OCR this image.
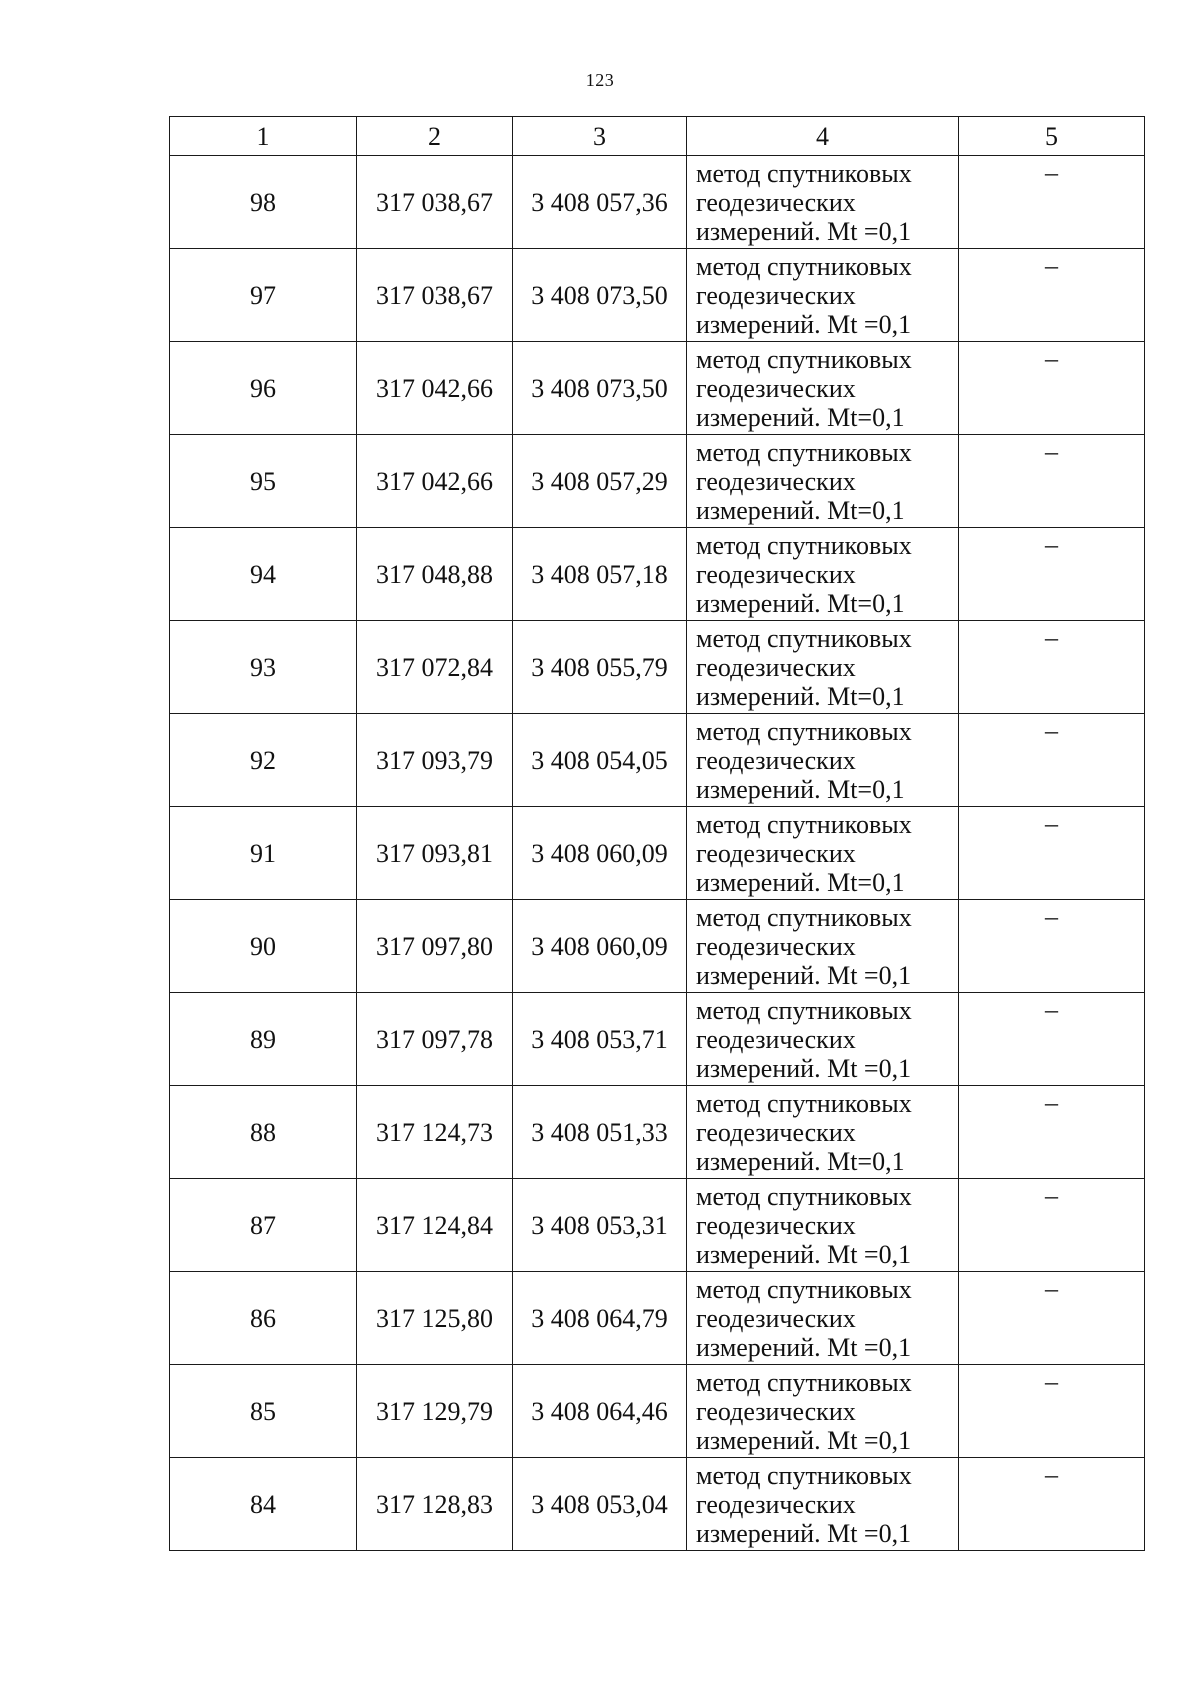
123
1	2	3	4	5
98	317 038,67	3 408 057,36	метод спутниковых
геодезических
измерений. Mt =0,1	–
97	317 038,67	3 408 073,50	метод спутниковых
геодезических
измерений. Mt =0,1	–
96	317 042,66	3 408 073,50	метод спутниковых
геодезических
измерений. Mt=0,1	–
95	317 042,66	3 408 057,29	метод спутниковых
геодезических
измерений. Mt=0,1	–
94	317 048,88	3 408 057,18	метод спутниковых
геодезических
измерений. Mt=0,1	–
93	317 072,84	3 408 055,79	метод спутниковых
геодезических
измерений. Mt=0,1	–
92	317 093,79	3 408 054,05	метод спутниковых
геодезических
измерений. Mt=0,1	–
91	317 093,81	3 408 060,09	метод спутниковых
геодезических
измерений. Mt=0,1	–
90	317 097,80	3 408 060,09	метод спутниковых
геодезических
измерений. Mt =0,1	–
89	317 097,78	3 408 053,71	метод спутниковых
геодезических
измерений. Mt =0,1	–
88	317 124,73	3 408 051,33	метод спутниковых
геодезических
измерений. Mt=0,1	–
87	317 124,84	3 408 053,31	метод спутниковых
геодезических
измерений. Mt =0,1	–
86	317 125,80	3 408 064,79	метод спутниковых
геодезических
измерений. Mt =0,1	–
85	317 129,79	3 408 064,46	метод спутниковых
геодезических
измерений. Mt =0,1	–
84	317 128,83	3 408 053,04	метод спутниковых
геодезических
измерений. Mt =0,1	–
